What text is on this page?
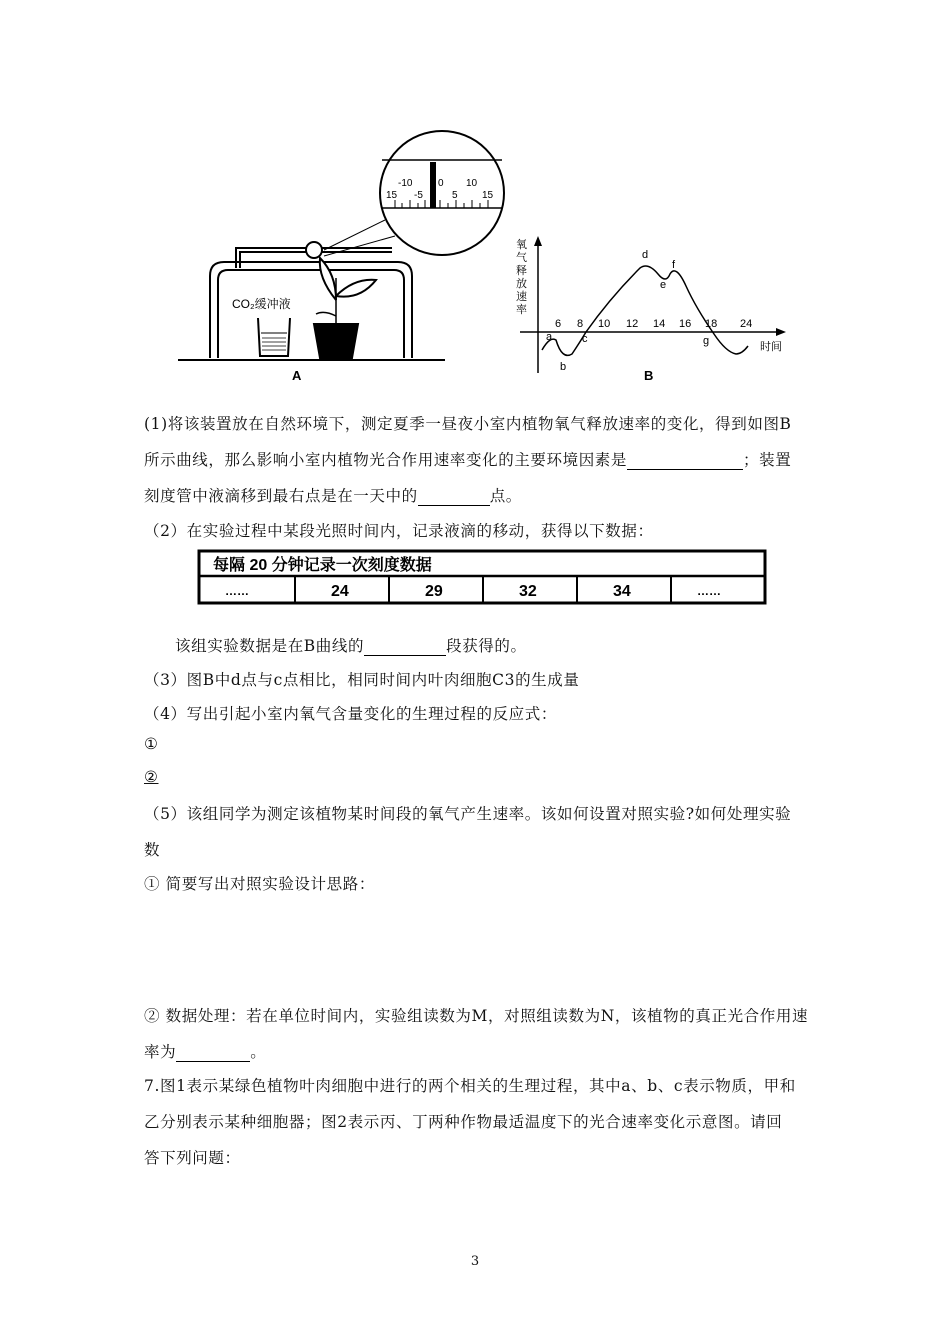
15
-10
-5
0
5
10
15
CO₂缓冲液
A
氧 气 释 放 速 率
时间
6 8 10 12 14 16 18 24
a
b
c
d
e
f
g
B
(1)将该装置放在自然环境下，测定夏季一昼夜小室内植物氧气释放速率的变化，得到如图B
所示曲线，那么影响小室内植物光合作用速率变化的主要环境因素是	；装置
刻度管中液滴移到最右点是在一天中的	点。
（2）在实验过程中某段光照时间内，记录液滴的移动，获得以下数据：
每隔 20 分钟记录一次刻度数据
……	24	29	32	34	……
该组实验数据是在B曲线的	段获得的。
（3）图B中d点与c点相比，相同时间内叶肉细胞C3的生成量
（4）写出引起小室内氧气含量变化的生理过程的反应式：
①
②
（5）该组同学为测定该植物某时间段的氧气产生速率。该如何设置对照实验?如何处理实验
数
① 简要写出对照实验设计思路：
② 数据处理：若在单位时间内，实验组读数为M，对照组读数为N，该植物的真正光合作用速
率为	。
7.图1表示某绿色植物叶肉细胞中进行的两个相关的生理过程，其中a、b、c表示物质，甲和
乙分别表示某种细胞器；图2表示丙、丁两种作物最适温度下的光合速率变化示意图。请回
答下列问题：
3
